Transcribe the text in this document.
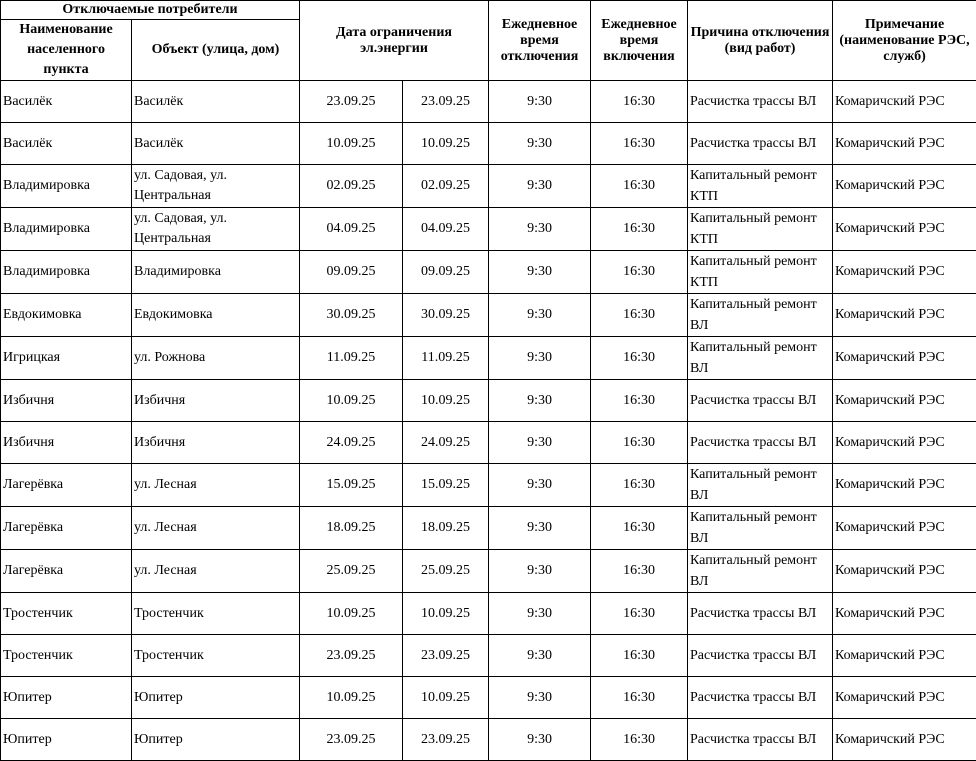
Отключаемые потребители		Дата ограничения эл.энергии		Ежедневное время отключения	Ежедневное время включения	Причина отключения (вид работ)	Примечание (наименование РЭС, служб)
Наименование населенного пункта	Объект (улица, дом)						
Василёк	Василёк	23.09.25	23.09.25	9:30	16:30	Расчистка трассы ВЛ	Комаричский РЭС
Василёк	Василёк	10.09.25	10.09.25	9:30	16:30	Расчистка трассы ВЛ	Комаричский РЭС
Владимировка	ул. Садовая, ул. Центральная	02.09.25	02.09.25	9:30	16:30	Капитальный ремонт КТП	Комаричский РЭС
Владимировка	ул. Садовая, ул. Центральная	04.09.25	04.09.25	9:30	16:30	Капитальный ремонт КТП	Комаричский РЭС
Владимировка	Владимировка	09.09.25	09.09.25	9:30	16:30	Капитальный ремонт КТП	Комаричский РЭС
Евдокимовка	Евдокимовка	30.09.25	30.09.25	9:30	16:30	Капитальный ремонт ВЛ	Комаричский РЭС
Игрицкая	ул. Рожнова	11.09.25	11.09.25	9:30	16:30	Капитальный ремонт ВЛ	Комаричский РЭС
Избичня	Избичня	10.09.25	10.09.25	9:30	16:30	Расчистка трассы ВЛ	Комаричский РЭС
Избичня	Избичня	24.09.25	24.09.25	9:30	16:30	Расчистка трассы ВЛ	Комаричский РЭС
Лагерёвка	ул. Лесная	15.09.25	15.09.25	9:30	16:30	Капитальный ремонт ВЛ	Комаричский РЭС
Лагерёвка	ул. Лесная	18.09.25	18.09.25	9:30	16:30	Капитальный ремонт ВЛ	Комаричский РЭС
Лагерёвка	ул. Лесная	25.09.25	25.09.25	9:30	16:30	Капитальный ремонт ВЛ	Комаричский РЭС
Тростенчик	Тростенчик	10.09.25	10.09.25	9:30	16:30	Расчистка трассы ВЛ	Комаричский РЭС
Тростенчик	Тростенчик	23.09.25	23.09.25	9:30	16:30	Расчистка трассы ВЛ	Комаричский РЭС
Юпитер	Юпитер	10.09.25	10.09.25	9:30	16:30	Расчистка трассы ВЛ	Комаричский РЭС
Юпитер	Юпитер	23.09.25	23.09.25	9:30	16:30	Расчистка трассы ВЛ	Комаричский РЭС
